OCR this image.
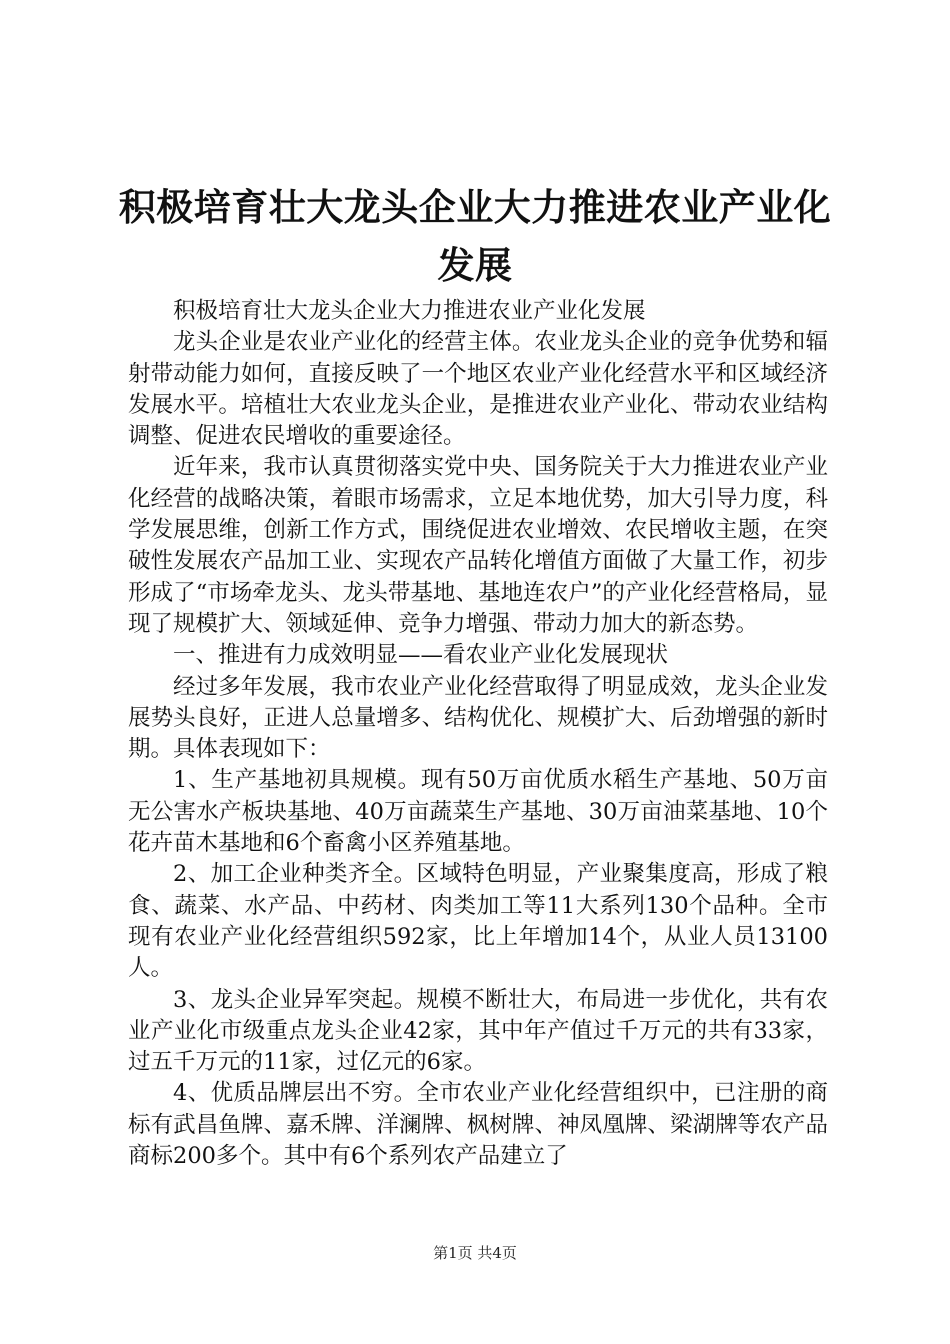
积极培育壮大龙头企业大力推进农业产业化发展

积极培育壮大龙头企业大力推进农业产业化发展

龙头企业是农业产业化的经营主体。农业龙头企业的竞争优势和辐射带动能力如何，直接反映了一个地区农业产业化经营水平和区域经济发展水平。培植壮大农业龙头企业，是推进农业产业化、带动农业结构调整、促进农民增收的重要途径。

近年来，我市认真贯彻落实党中央、国务院关于大力推进农业产业化经营的战略决策，着眼市场需求，立足本地优势，加大引导力度，科学发展思维，创新工作方式，围绕促进农业增效、农民增收主题，在突破性发展农产品加工业、实现农产品转化增值方面做了大量工作，初步形成了“市场牵龙头、龙头带基地、基地连农户”的产业化经营格局，显现了规模扩大、领域延伸、竞争力增强、带动力加大的新态势。

一、推进有力成效明显——看农业产业化发展现状

经过多年发展，我市农业产业化经营取得了明显成效，龙头企业发展势头良好，正进人总量增多、结构优化、规模扩大、后劲增强的新时期。具体表现如下：

1、生产基地初具规模。现有50万亩优质水稻生产基地、50万亩无公害水产板块基地、40万亩蔬菜生产基地、30万亩油菜基地、10个花卉苗木基地和6个畜禽小区养殖基地。

2、加工企业种类齐全。区域特色明显，产业聚集度高，形成了粮食、蔬菜、水产品、中药材、肉类加工等11大系列130个品种。全市现有农业产业化经营组织592家，比上年增加14个，从业人员13100人。

3、龙头企业异军突起。规模不断壮大，布局进一步优化，共有农业产业化市级重点龙头企业42家，其中年产值过千万元的共有33家，过五千万元的11家，过亿元的6家。

4、优质品牌层出不穷。全市农业产业化经营组织中，已注册的商标有武昌鱼牌、嘉禾牌、洋澜牌、枫树牌、神凤凰牌、梁湖牌等农产品商标200多个。其中有6个系列农产品建立了

第1页 共4页
